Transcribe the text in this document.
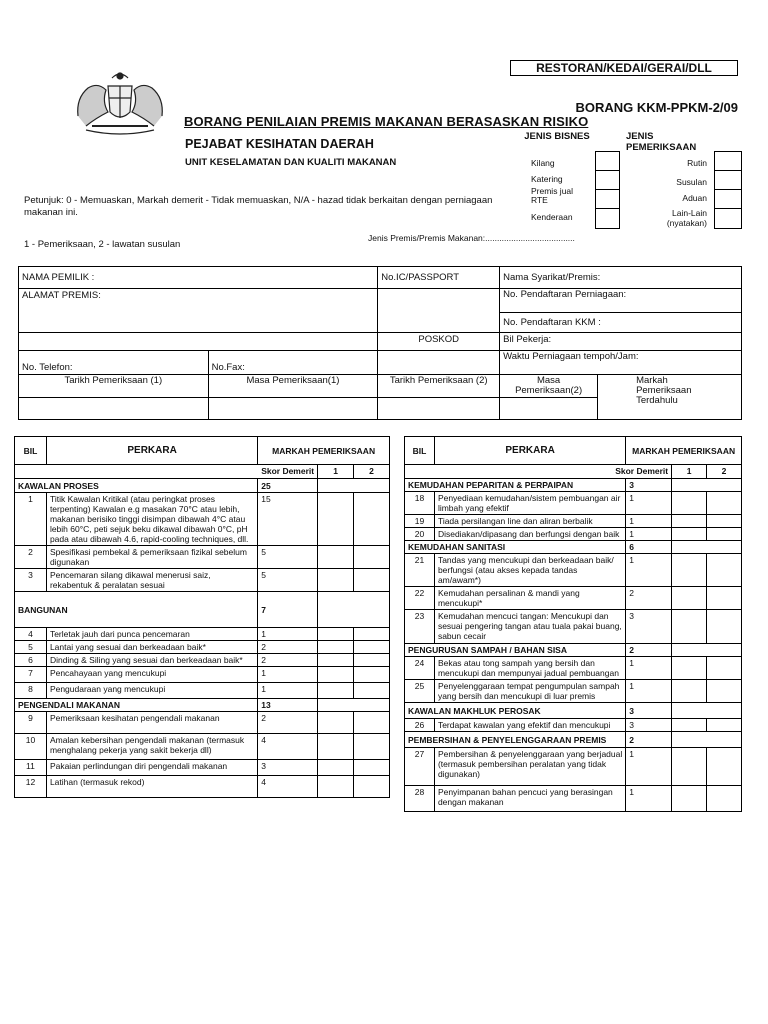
RESTORAN/KEDAI/GERAI/DLL
BORANG KKM-PPKM-2/09
BORANG PENILAIAN PREMIS MAKANAN BERASASKAN RISIKO
PEJABAT KESIHATAN DAERAH
UNIT KESELAMATAN DAN KUALITI MAKANAN
JENIS BISNES
Kilang
Katering
Premis jual RTE
Kenderaan
JENIS PEMERIKSAAN
Rutin
Susulan
Aduan
Lain-Lain (nyatakan)
Petunjuk: 0 - Memuaskan, Markah demerit - Tidak memuaskan, N/A - hazad tidak berkaitan dengan perniagaan makanan ini.
Jenis Premis/Premis Makanan:......................................
1 - Pemeriksaan, 2 - lawatan susulan
NAMA PEMILIK :		No.IC/PASSPORT	Nama Syarikat/Premis:	
ALAMAT PREMIS:			No. Pendaftaran Perniagaan:	
			No. Pendaftaran KKM :	
		POSKOD	Bil Pekerja:	
No. Telefon:	No.Fax:		Waktu Perniagaan tempoh/Jam:	
Tarikh Pemeriksaan (1)	Masa Pemeriksaan(1)	Tarikh Pemeriksaan (2)	Masa Pemeriksaan(2)	Markah Pemeriksaan Terdahulu

BIL	PERKARA	MARKAH PEMERIKSAAN		
Skor Demerit			1	2
KAWALAN PROSES		25		
1	Titik Kawalan Kritikal (atau peringkat proses terpenting) Kawalan e.g masakan 70°C atau lebih, makanan berisiko tinggi disimpan dibawah 4°C atau lebih 60°C, peti sejuk beku dikawal dibawah 0°C, pH pada atau dibawah 4.6, rapid-cooling techniques, dll.	15		
2	Spesifikasi pembekal & pemeriksaan fizikal sebelum digunakan	5		
3	Pencemaran silang dikawal menerusi saiz, rekabentuk & peralatan sesuai	5		
BANGUNAN		7		
4	Terletak jauh dari punca pencemaran	1		
5	Lantai yang sesuai dan berkeadaan baik*	2		
6	Dinding & Siling yang sesuai dan berkeadaan baik*	2		
7	Pencahayaan yang mencukupi	1		
8	Pengudaraan yang mencukupi	1		
PENGENDALI MAKANAN		13		
9	Pemeriksaan kesihatan pengendali makanan	2		
10	Amalan kebersihan pengendali makanan (termasuk menghalang pekerja yang sakit bekerja dll)	4		
11	Pakaian perlindungan diri pengendali makanan	3		
12	Latihan (termasuk rekod)	4		
BIL	PERKARA	MARKAH PEMERIKSAAN		
Skor Demerit			1	2
KEMUDAHAN PEPARITAN & PERPAIPAN		3		
18	Penyediaan kemudahan/sistem pembuangan air limbah yang efektif	1		
19	Tiada persilangan line dan aliran berbalik	1		
20	Disediakan/dipasang dan berfungsi dengan baik	1		
KEMUDAHAN SANITASI		6		
21	Tandas yang mencukupi dan berkeadaan baik/ berfungsi (atau akses kepada tandas am/awam*)	1		
22	Kemudahan persalinan & mandi yang mencukupi*	2		
23	Kemudahan mencuci tangan: Mencukupi dan sesuai pengering tangan atau tuala pakai buang, sabun cecair	3		
PENGURUSAN SAMPAH / BAHAN SISA		2		
24	Bekas atau tong sampah yang bersih dan mencukupi dan mempunyai jadual pembuangan	1		
25	Penyelenggaraan tempat pengumpulan sampah yang bersih dan mencukupi di luar premis	1		
KAWALAN MAKHLUK PEROSAK		3		
26	Terdapat kawalan yang efektif dan mencukupi	3		
PEMBERSIHAN & PENYELENGGARAAN PREMIS		2		
27	Pembersihan & penyelenggaraan yang berjadual (termasuk pembersihan peralatan yang tidak digunakan)	1		
28	Penyimpanan bahan pencuci yang berasingan dengan makanan	1		
